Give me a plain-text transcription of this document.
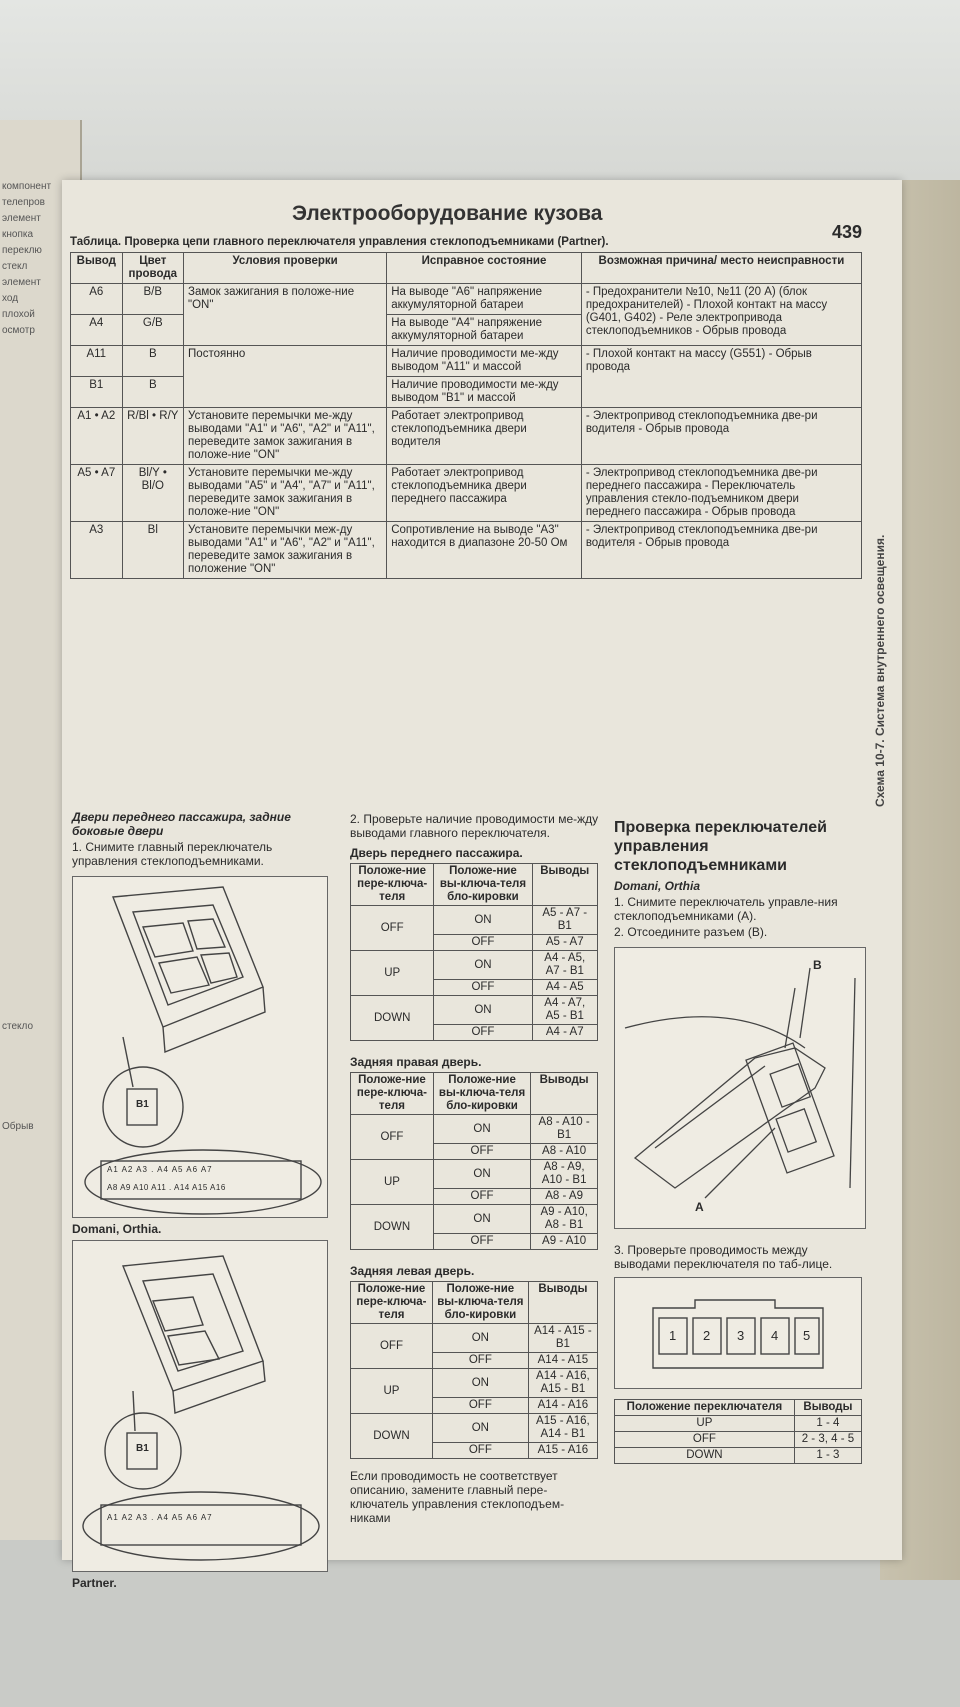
компонент
телепров
элемент
кнопка
переклю
стекл
элемент
ход
плохой
осмотр
стекло
Обрыв
Электрооборудование кузова
439
Таблица. Проверка цепи главного переключателя управления стеклоподъемниками (Partner).
Вывод	Цвет провода	Условия проверки	Исправное состояние	Возможная причина/ место неисправности
A6	B/B	Замок зажигания в положе-ние "ON"	На выводе "A6" напряжение аккумуляторной батареи	- Предохранители №10, №11 (20 А) (блок предохранителей) - Плохой контакт на массу (G401, G402) - Реле электропривода стеклоподъемников - Обрыв провода
A4	G/B		На выводе "A4" напряжение аккумуляторной батареи	
A11	B	Постоянно	Наличие проводимости ме-жду выводом "A11" и массой	- Плохой контакт на массу (G551) - Обрыв провода
B1	B		Наличие проводимости ме-жду выводом "B1" и массой	
A1 • A2	R/Bl • R/Y	Установите перемычки ме-жду выводами "A1" и "A6", "A2" и "A11", переведите замок зажигания в положе-ние "ON"	Работает электропривод стеклоподъемника двери водителя	- Электропривод стеклоподъемника две-ри водителя - Обрыв провода
A5 • A7	Bl/Y • Bl/O	Установите перемычки ме-жду выводами "A5" и "A4", "A7" и "A11", переведите замок зажигания в положе-ние "ON"	Работает электропривод стеклоподъемника двери переднего пассажира	- Электропривод стеклоподъемника две-ри переднего пассажира - Переключатель управления стекло-подъемником двери переднего пассажира - Обрыв провода
A3	Bl	Установите перемычки меж-ду выводами "A1" и "A6", "A2" и "A11", переведите замок зажигания в положение "ON"	Сопротивление на выводе "A3" находится в диапазоне 20-50 Ом	- Электропривод стеклоподъемника две-ри водителя - Обрыв провода
Двери переднего пассажира, задние боковые двери
1. Снимите главный переключатель управления стеклоподъемниками.
B1
A1 A2 A3 . A4 A5 A6 A7
A8 A9 A10 A11 . A14 A15 A16
Domani, Orthia.
B1
A1 A2 A3 . A4 A5 A6 A7
Partner.
2. Проверьте наличие проводимости ме-жду выводами главного переключателя.
Дверь переднего пассажира.
Положе-ние пере-ключа-теля	Положе-ние вы-ключа-теля бло-кировки	Выводы
OFF	ON	A5 - A7 - B1
	OFF	A5 - A7
UP	ON	A4 - A5, A7 - B1
	OFF	A4 - A5
DOWN	ON	A4 - A7, A5 - B1
	OFF	A4 - A7
Задняя правая дверь.
Положе-ние пере-ключа-теля	Положе-ние вы-ключа-теля бло-кировки	Выводы
OFF	ON	A8 - A10 - B1
	OFF	A8 - A10
UP	ON	A8 - A9, A10 - B1
	OFF	A8 - A9
DOWN	ON	A9 - A10, A8 - B1
	OFF	A9 - A10
Задняя левая дверь.
Положе-ние пере-ключа-теля	Положе-ние вы-ключа-теля бло-кировки	Выводы
OFF	ON	A14 - A15 - B1
	OFF	A14 - A15
UP	ON	A14 - A16, A15 - B1
	OFF	A14 - A16
DOWN	ON	A15 - A16, A14 - B1
	OFF	A15 - A16
Если проводимость не соответствует описанию, замените главный пере-ключатель управления стеклоподъем-никами
Проверка переключателей управления стеклоподъемниками
Domani, Orthia
1. Снимите переключатель управле-ния стеклоподъемниками (A).
2. Отсоедините разъем (B).
B
A
3. Проверьте проводимость между выводами переключателя по таб-лице.
1 2 3 4 5
Положение переключателя	Выводы
UP	1 - 4
OFF	2 - 3, 4 - 5
DOWN	1 - 3
Схема 10-7. Система внутреннего освещения.
